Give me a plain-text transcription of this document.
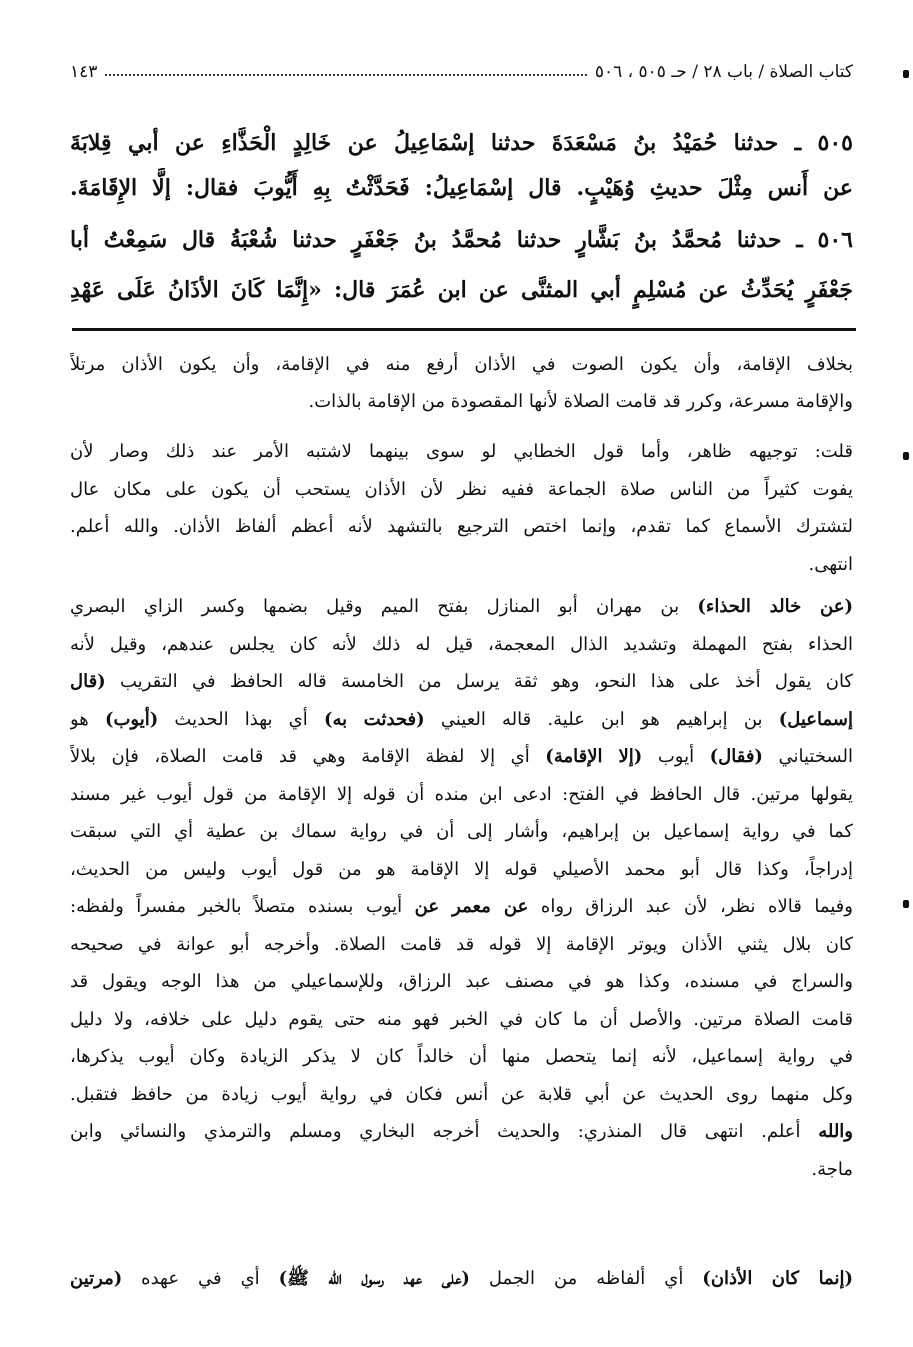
كتاب الصلاة / باب ٢٨ / حـ ٥٠٥ ، ٥٠٦
١٤٣
٥٠٥ ـ حدثنا حُمَيْدُ بنُ مَسْعَدَةَ حدثنا إسْمَاعِيلُ عن خَالِدٍ الْحَذَّاءِ عن أبي قِلابَةَ
عن أَنس مِثْلَ حديثِ وُهَيْبٍ. قال إسْمَاعِيلُ: فَحَدَّثْتُ بِهِ أَيُّوبَ فقال: إلَّا الإِقَامَةَ.
٥٠٦ ـ حدثنا مُحمَّدُ بنُ بَشَّارٍ حدثنا مُحمَّدُ بنُ جَعْفَرٍ حدثنا شُعْبَةُ قال سَمِعْتُ أبا
جَعْفَرٍ يُحَدِّثُ عن مُسْلِمٍ أبي المثنَّى عن ابن عُمَرَ قال: «إِنَّمَا كَانَ الأذَانُ عَلَى عَهْدِ
بخلاف الإقامة، وأن يكون الصوت في الأذان أرفع منه في الإقامة، وأن يكون الأذان مرتلاً
والإقامة مسرعة، وكرر قد قامت الصلاة لأنها المقصودة من الإقامة بالذات.
قلت: توجيهه ظاهر، وأما قول الخطابي لو سوى بينهما لاشتبه الأمر عند ذلك وصار لأن
يفوت كثيراً من الناس صلاة الجماعة ففيه نظر لأن الأذان يستحب أن يكون على مكان عال
لتشترك الأسماع كما تقدم، وإنما اختص الترجيع بالتشهد لأنه أعظم ألفاظ الأذان. والله أعلم.
انتهى.
(عن خالد الحذاء) بن مهران أبو المنازل بفتح الميم وقيل بضمها وكسر الزاي البصري
الحذاء بفتح المهملة وتشديد الذال المعجمة، قيل له ذلك لأنه كان يجلس عندهم، وقيل لأنه
كان يقول أخذ على هذا النحو، وهو ثقة يرسل من الخامسة قاله الحافظ في التقريب (قال
إسماعيل) بن إبراهيم هو ابن علية. قاله العيني (فحدثت به) أي بهذا الحديث (أيوب) هو
السختياني (فقال) أيوب (إلا الإقامة) أي إلا لفظة الإقامة وهي قد قامت الصلاة، فإن بلالاً
يقولها مرتين. قال الحافظ في الفتح: ادعى ابن منده أن قوله إلا الإقامة من قول أيوب غير مسند
كما في رواية إسماعيل بن إبراهيم، وأشار إلى أن في رواية سماك بن عطية أي التي سبقت
إدراجاً، وكذا قال أبو محمد الأصيلي قوله إلا الإقامة هو من قول أيوب وليس من الحديث،
وفيما قالاه نظر، لأن عبد الرزاق رواه عن معمر عن أيوب بسنده متصلاً بالخبر مفسراً ولفظه:
كان بلال يثني الأذان ويوتر الإقامة إلا قوله قد قامت الصلاة. وأخرجه أبو عوانة في صحيحه
والسراج في مسنده، وكذا هو في مصنف عبد الرزاق، وللإسماعيلي من هذا الوجه ويقول قد
قامت الصلاة مرتين. والأصل أن ما كان في الخبر فهو منه حتى يقوم دليل على خلافه، ولا دليل
في رواية إسماعيل، لأنه إنما يتحصل منها أن خالداً كان لا يذكر الزيادة وكان أيوب يذكرها،
وكل منهما روى الحديث عن أبي قلابة عن أنس فكان في رواية أيوب زيادة من حافظ فتقبل.
والله أعلم. انتهى قال المنذري: والحديث أخرجه البخاري ومسلم والترمذي والنسائي وابن
ماجة.
(إنما كان الأذان) أي ألفاظه من الجمل (على عهد رسول الله ﷺ) أي في عهده (مرتين
